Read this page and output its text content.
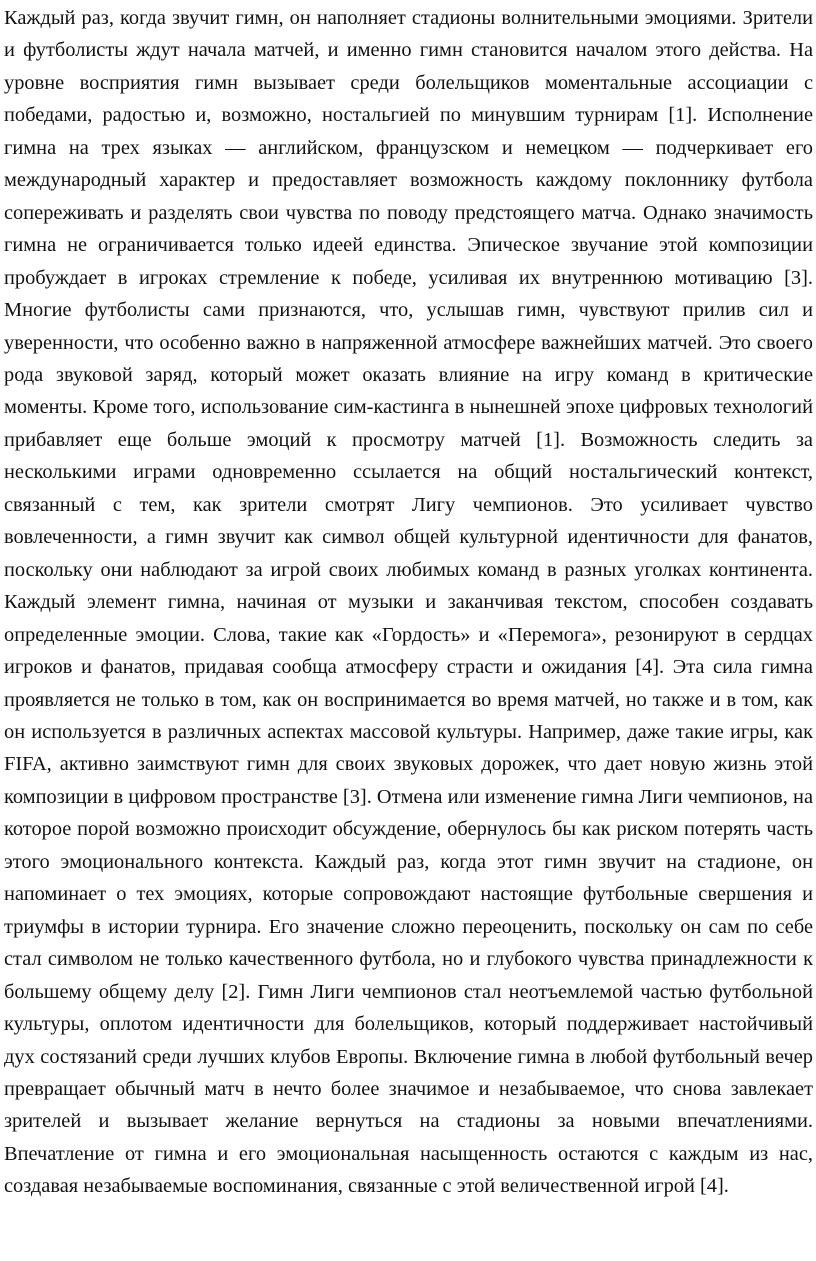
Каждый раз, когда звучит гимн, он наполняет стадионы волнительными эмоциями. Зрители и футболисты ждут начала матчей, и именно гимн становится началом этого действа. На уровне восприятия гимн вызывает среди болельщиков моментальные ассоциации с победами, радостью и, возможно, ностальгией по минувшим турнирам [1]. Исполнение гимна на трех языках — английском, французском и немецком — подчеркивает его международный характер и предоставляет возможность каждому поклоннику футбола сопереживать и разделять свои чувства по поводу предстоящего матча. Однако значимость гимна не ограничивается только идеей единства. Эпическое звучание этой композиции пробуждает в игроках стремление к победе, усиливая их внутреннюю мотивацию [3]. Многие футболисты сами признаются, что, услышав гимн, чувствуют прилив сил и уверенности, что особенно важно в напряженной атмосфере важнейших матчей. Это своего рода звуковой заряд, который может оказать влияние на игру команд в критические моменты. Кроме того, использование сим-кастинга в нынешней эпохе цифровых технологий прибавляет еще больше эмоций к просмотру матчей [1]. Возможность следить за несколькими играми одновременно ссылается на общий ностальгический контекст, связанный с тем, как зрители смотрят Лигу чемпионов. Это усиливает чувство вовлеченности, а гимн звучит как символ общей культурной идентичности для фанатов, поскольку они наблюдают за игрой своих любимых команд в разных уголках континента. Каждый элемент гимна, начиная от музыки и заканчивая текстом, способен создавать определенные эмоции. Слова, такие как «Гордость» и «Перемога», резонируют в сердцах игроков и фанатов, придавая сообща атмосферу страсти и ожидания [4]. Эта сила гимна проявляется не только в том, как он воспринимается во время матчей, но также и в том, как он используется в различных аспектах массовой культуры. Например, даже такие игры, как FIFA, активно заимствуют гимн для своих звуковых дорожек, что дает новую жизнь этой композиции в цифровом пространстве [3]. Отмена или изменение гимна Лиги чемпионов, на которое порой возможно происходит обсуждение, обернулось бы как риском потерять часть этого эмоционального контекста. Каждый раз, когда этот гимн звучит на стадионе, он напоминает о тех эмоциях, которые сопровождают настоящие футбольные свершения и триумфы в истории турнира. Его значение сложно переоценить, поскольку он сам по себе стал символом не только качественного футбола, но и глубокого чувства принадлежности к большему общему делу [2]. Гимн Лиги чемпионов стал неотъемлемой частью футбольной культуры, оплотом идентичности для болельщиков, который поддерживает настойчивый дух состязаний среди лучших клубов Европы. Включение гимна в любой футбольный вечер превращает обычный матч в нечто более значимое и незабываемое, что снова завлекает зрителей и вызывает желание вернуться на стадионы за новыми впечатлениями. Впечатление от гимна и его эмоциональная насыщенность остаются с каждым из нас, создавая незабываемые воспоминания, связанные с этой величественной игрой [4].
